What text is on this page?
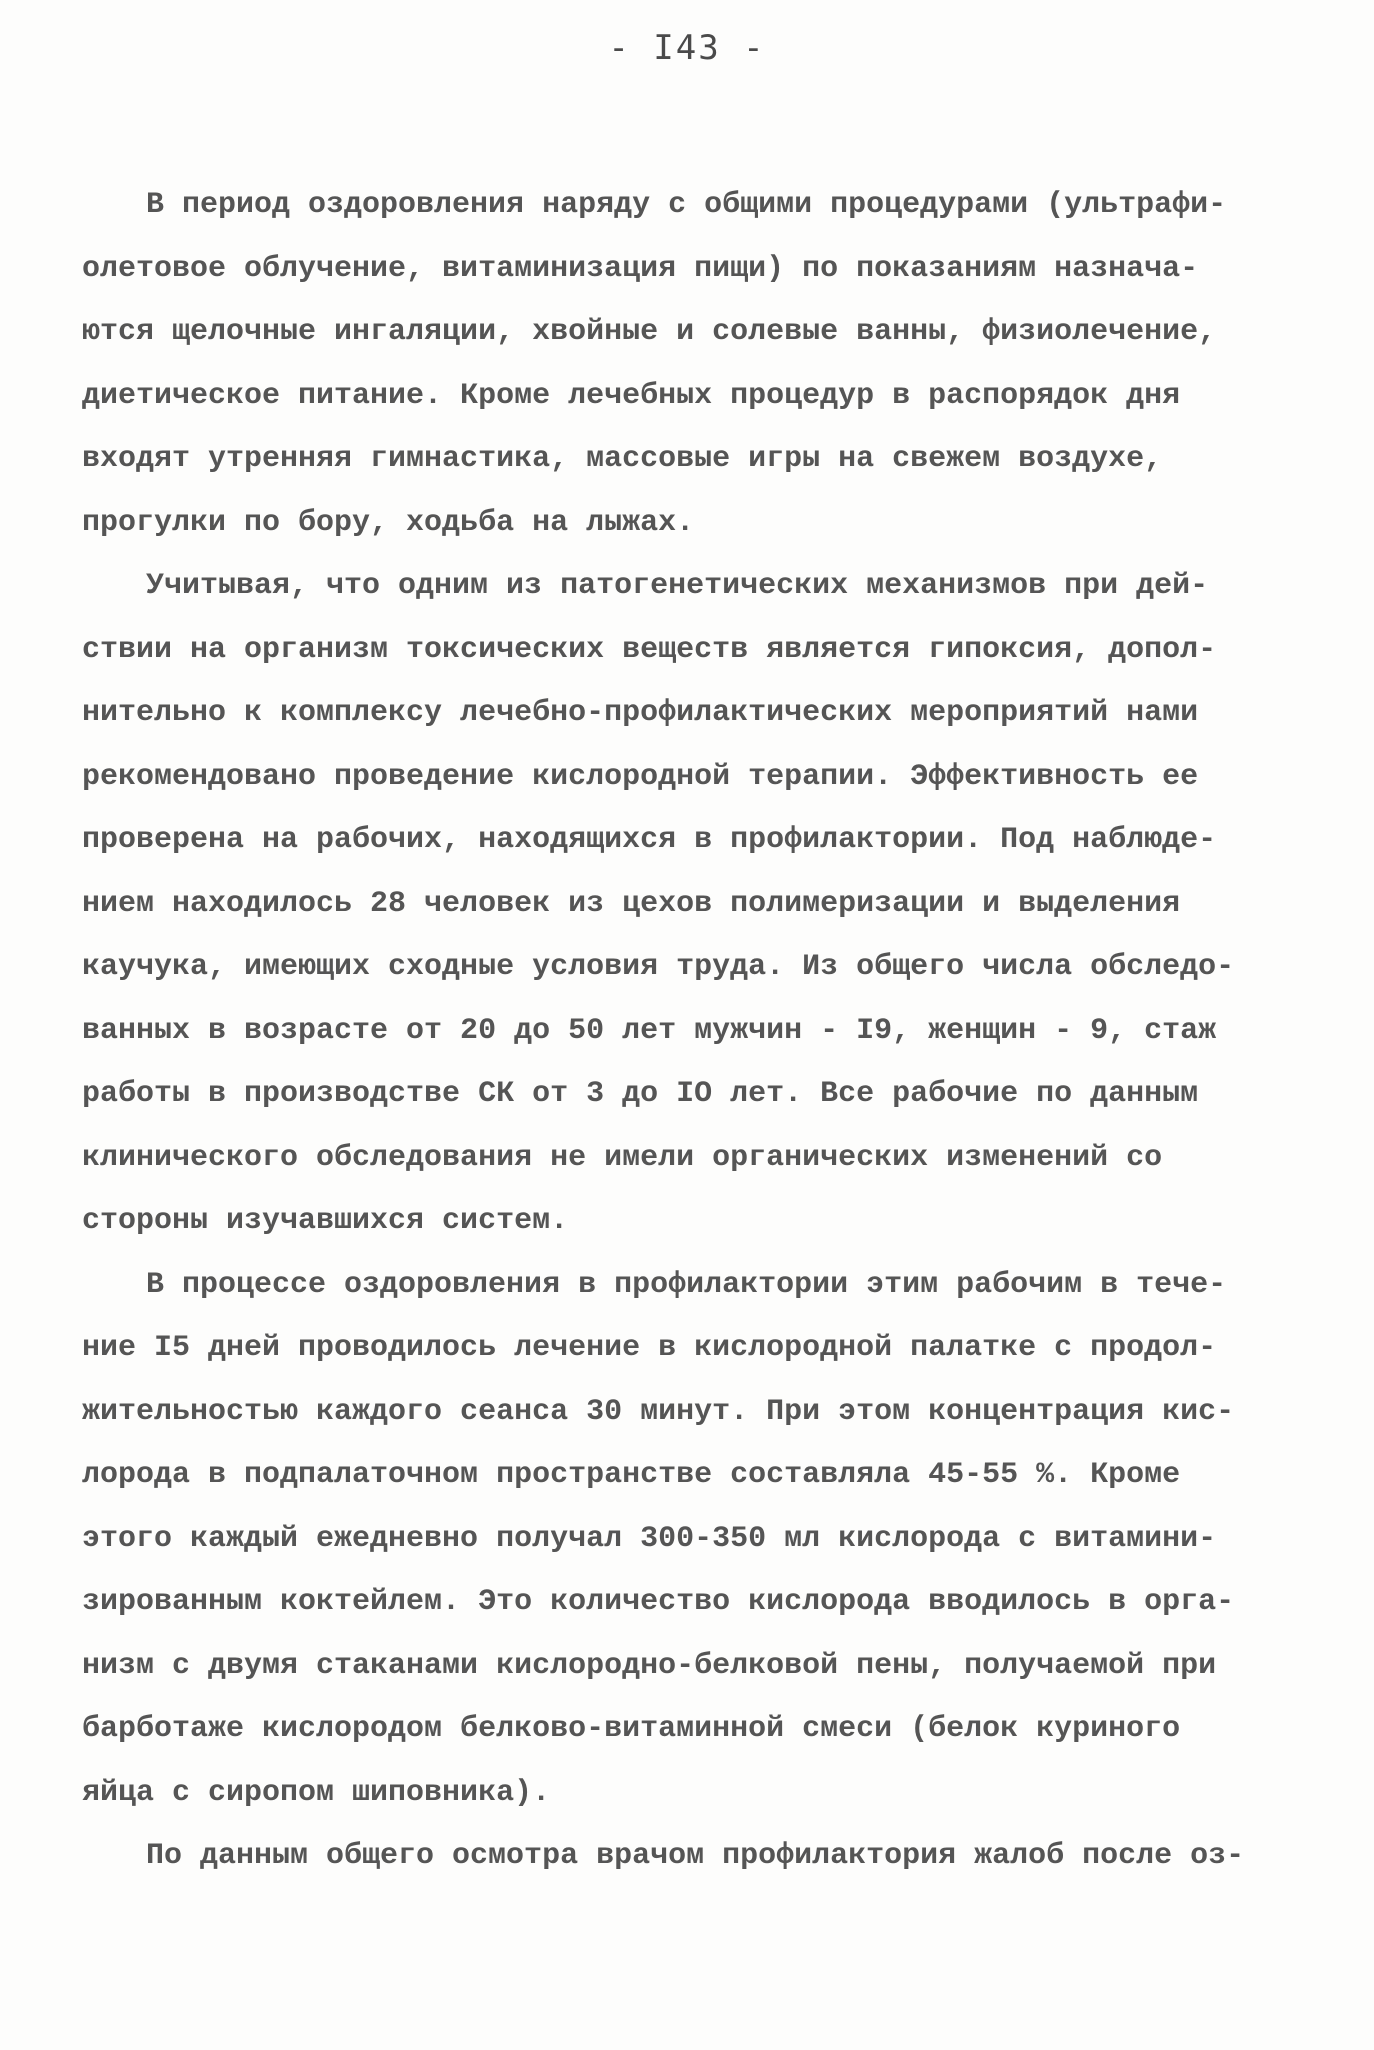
- I43 -
В период оздоровления наряду с общими процедурами (ультрафи-
олетовое облучение, витаминизация пищи) по показаниям назнача-
ются щелочные ингаляции, хвойные и солевые ванны, физиолечение,
диетическое питание. Кроме лечебных процедур в распорядок дня
входят утренняя гимнастика, массовые игры на свежем воздухе,
прогулки по бору, ходьба на лыжах.
Учитывая, что одним из патогенетических механизмов при дей-
ствии на организм токсических веществ является гипоксия, допол-
нительно к комплексу лечебно-профилактических мероприятий нами
рекомендовано проведение кислородной терапии. Эффективность ее
проверена на рабочих, находящихся в профилактории. Под наблюде-
нием находилось 28 человек из цехов полимеризации и выделения
каучука, имеющих сходные условия труда. Из общего числа обследо-
ванных в возрасте от 20 до 50 лет мужчин - I9, женщин - 9, стаж
работы в производстве СК от 3 до IO лет. Все рабочие по данным
клинического обследования не имели органических изменений со
стороны изучавшихся систем.
В процессе оздоровления в профилактории этим рабочим в тече-
ние I5 дней проводилось лечение в кислородной палатке с продол-
жительностью каждого сеанса 30 минут. При этом концентрация кис-
лорода в подпалаточном пространстве составляла 45-55 %. Кроме
этого каждый ежедневно получал 300-350 мл кислорода с витамини-
зированным коктейлем. Это количество кислорода вводилось в орга-
низм с двумя стаканами кислородно-белковой пены, получаемой при
барботаже кислородом белково-витаминной смеси (белок куриного
яйца с сиропом шиповника).
По данным общего осмотра врачом профилактория жалоб после оз-
